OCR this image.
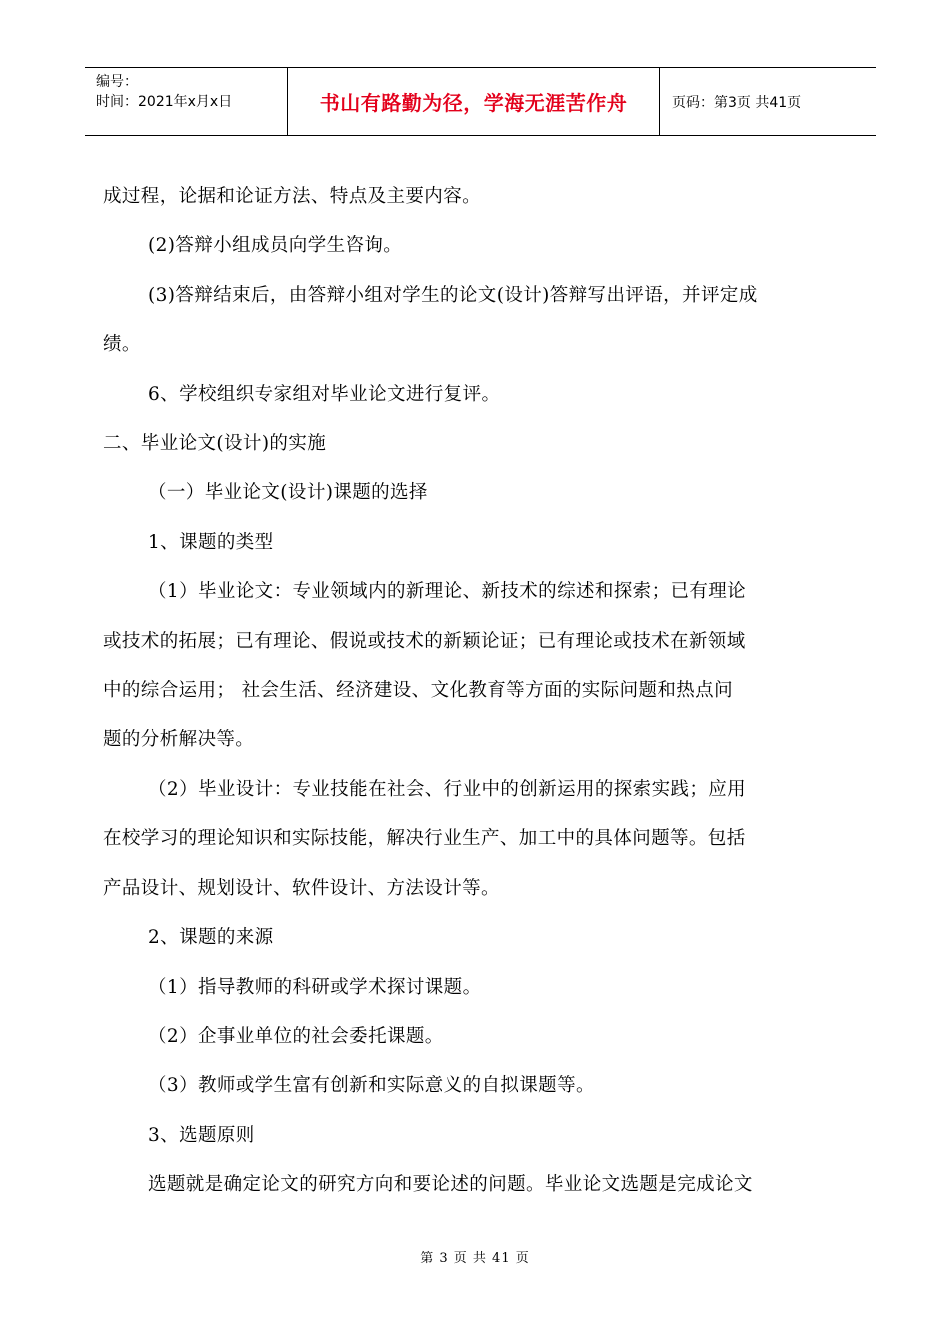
编号：
时间：2021年x月x日	书山有路勤为径，学海无涯苦作舟	页码：第3页 共41页

成过程，论据和论证方法、特点及主要内容。

(2)答辩小组成员向学生咨询。

(3)答辩结束后，由答辩小组对学生的论文(设计)答辩写出评语，并评定成

绩。

6、学校组织专家组对毕业论文进行复评。

二、毕业论文(设计)的实施

（一）毕业论文(设计)课题的选择

1、课题的类型

（1）毕业论文：专业领域内的新理论、新技术的综述和探索；已有理论

或技术的拓展；已有理论、假说或技术的新颖论证；已有理论或技术在新领域

中的综合运用； 社会生活、经济建设、文化教育等方面的实际问题和热点问

题的分析解决等。

（2）毕业设计：专业技能在社会、行业中的创新运用的探索实践；应用

在校学习的理论知识和实际技能，解决行业生产、加工中的具体问题等。包括

产品设计、规划设计、软件设计、方法设计等。

2、课题的来源

（1）指导教师的科研或学术探讨课题。

（2）企事业单位的社会委托课题。

（3）教师或学生富有创新和实际意义的自拟课题等。

3、选题原则

选题就是确定论文的研究方向和要论述的问题。毕业论文选题是完成论文

第 3 页 共 41 页
